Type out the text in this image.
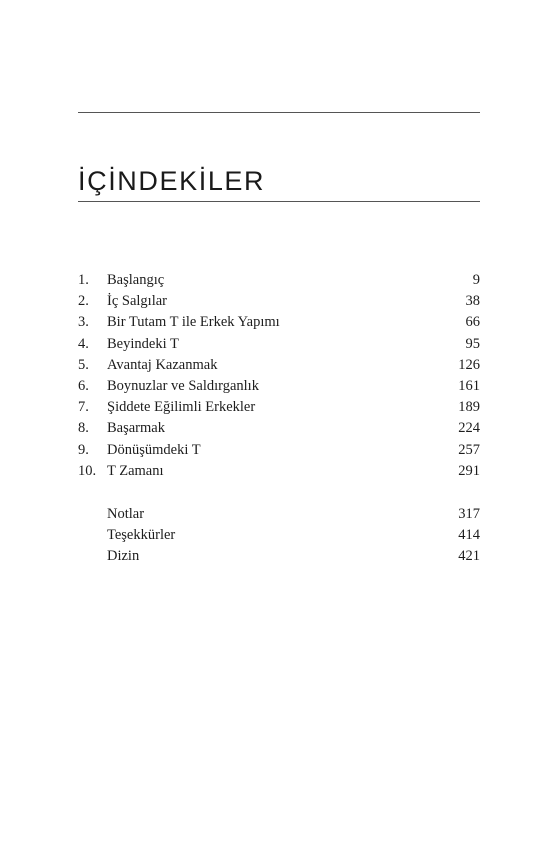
İÇİNDEKİLER
1.	Başlangıç	9
2.	İç Salgılar	38
3.	Bir Tutam T ile Erkek Yapımı	66
4.	Beyindeki T	95
5.	Avantaj Kazanmak	126
6.	Boynuzlar ve Saldırganlık	161
7.	Şiddete Eğilimli Erkekler	189
8.	Başarmak	224
9.	Dönüşümdeki T	257
10. T Zamanı	291
Notlar	317
Teşekkürler	414
Dizin	421
